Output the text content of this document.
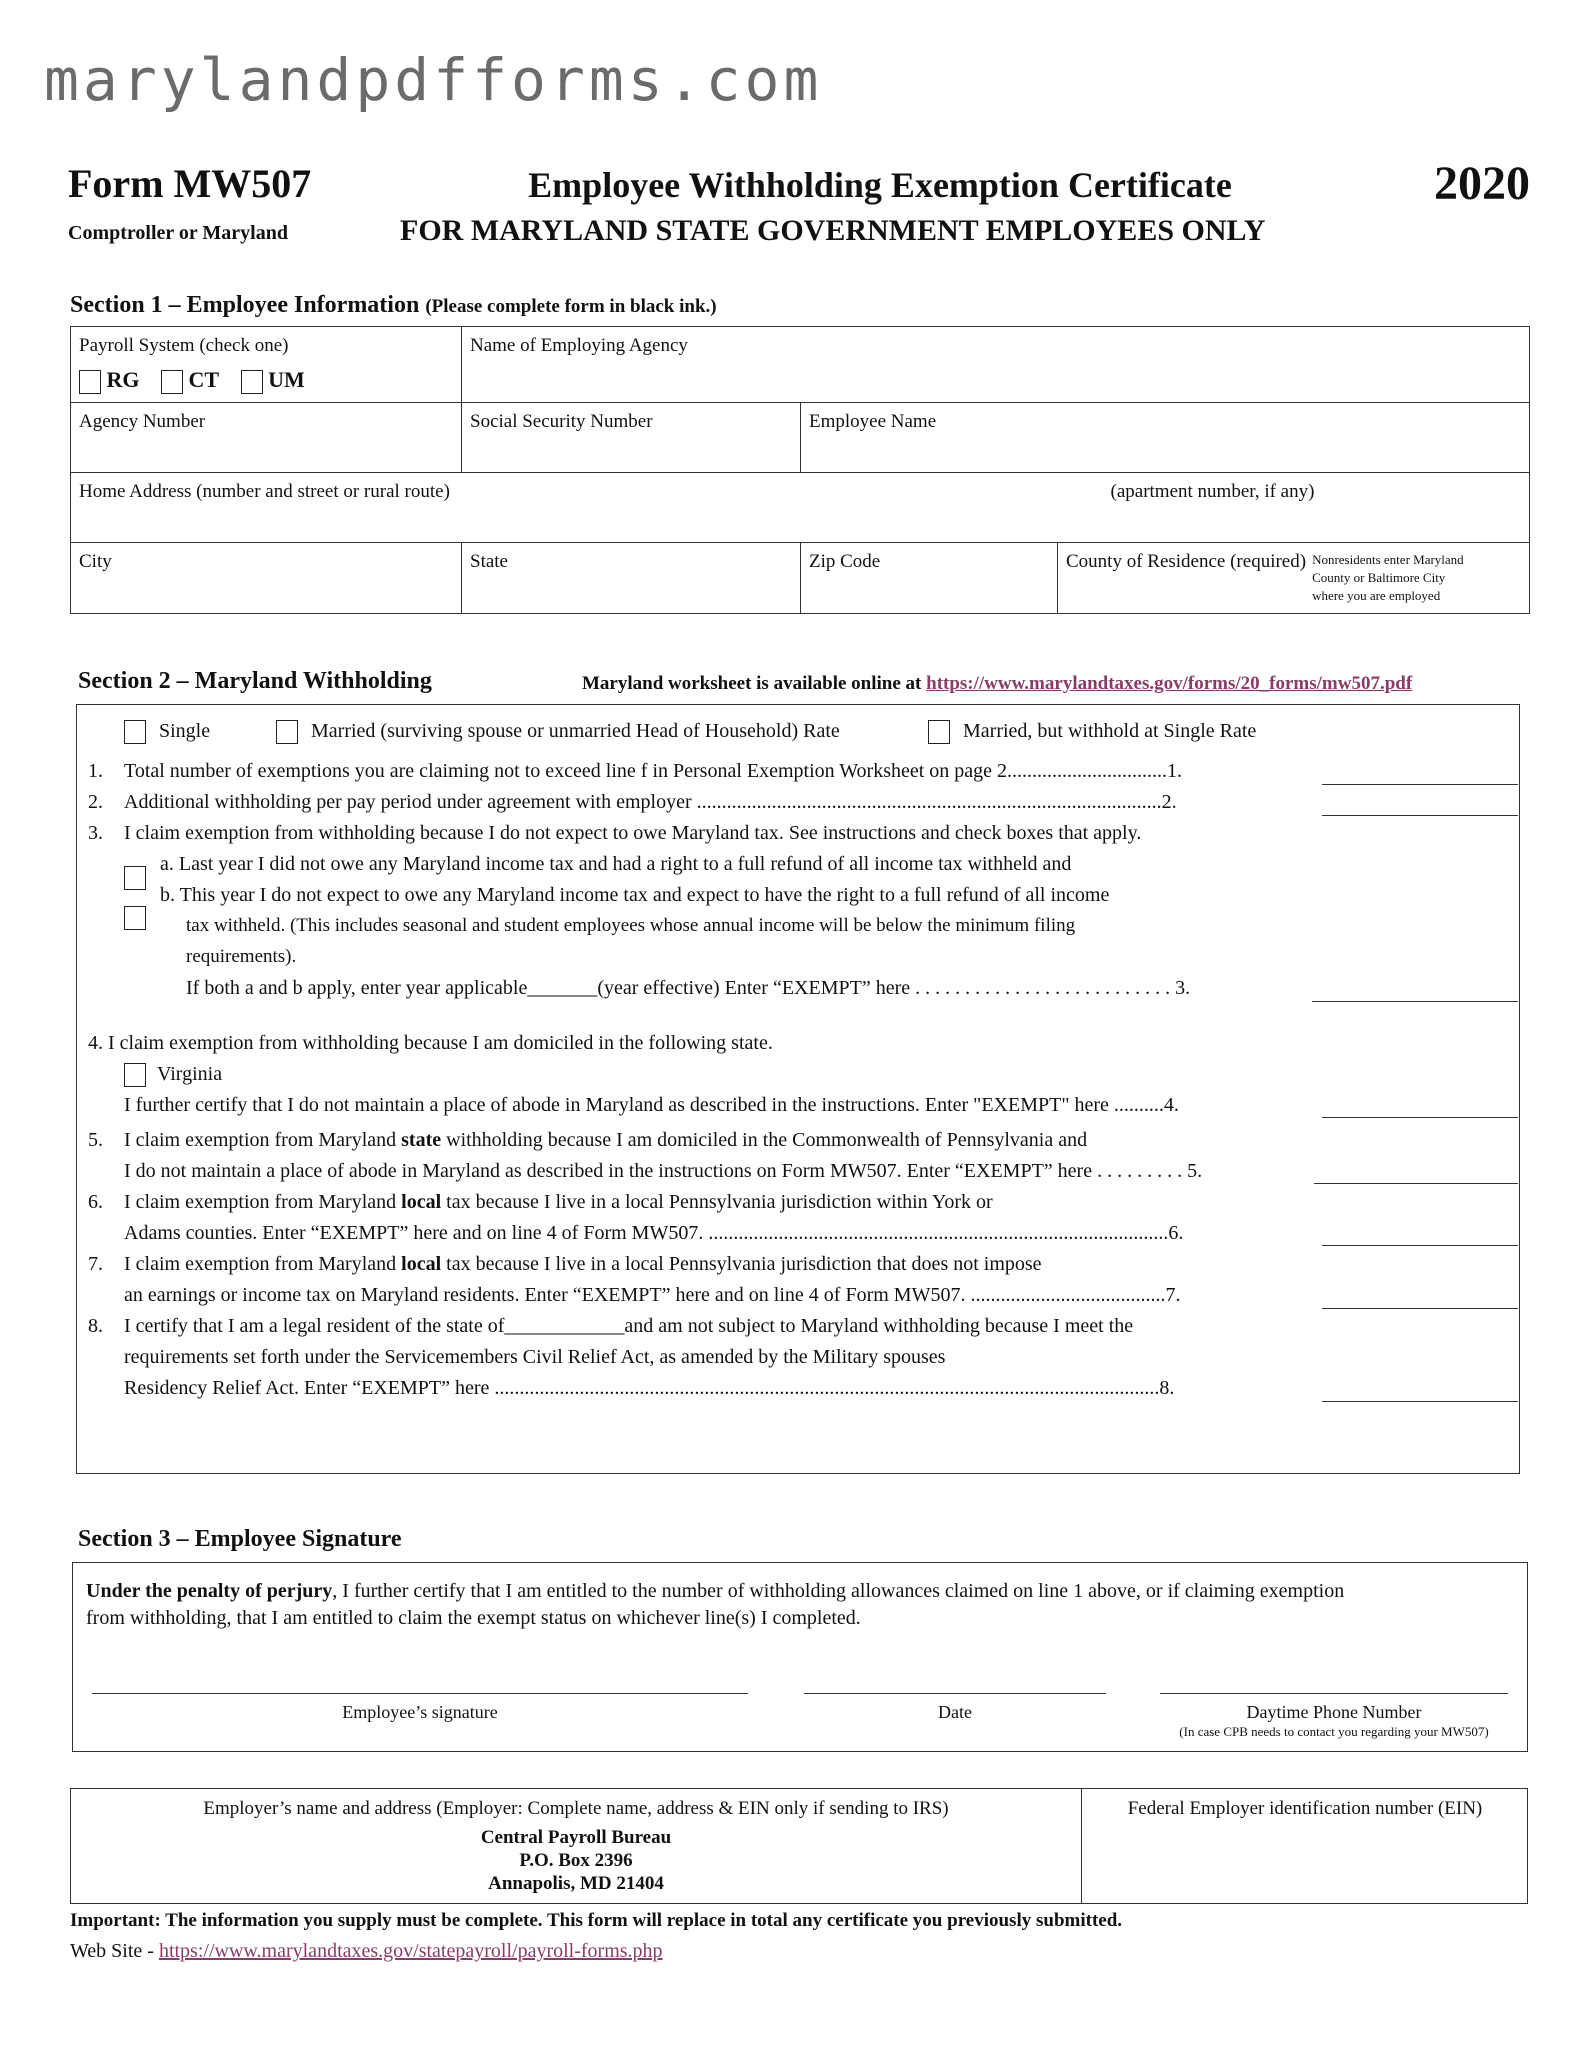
marylandpdfforms.com
Form MW507
Comptroller or Maryland
Employee Withholding Exemption Certificate
FOR MARYLAND STATE GOVERNMENT EMPLOYEES ONLY
2020
Section 1 – Employee Information (Please complete form in black ink.)
Payroll System (check one)
RG CT UM	Name of Employing Agency		
Agency Number	Social Security Number	Employee Name	
Home Address (number and street or rural route) (apartment number, if any)			

City	State	Zip Code	County of Residence (required) Nonresidents enter Maryland
County or Baltimore City
where you are employed
Section 2 – Maryland Withholding	Maryland worksheet is available online at https://www.marylandtaxes.gov/forms/20_forms/mw507.pdf
Single	Married (surviving spouse or unmarried Head of Household) Rate	Married, but withhold at Single Rate
1. Total number of exemptions you are claiming not to exceed line f in Personal Exemption Worksheet on page 2................................1.
2. Additional withholding per pay period under agreement with employer .............................................................................................2.
3. I claim exemption from withholding because I do not expect to owe Maryland tax. See instructions and check boxes that apply.
a. Last year I did not owe any Maryland income tax and had a right to a full refund of all income tax withheld and
b. This year I do not expect to owe any Maryland income tax and expect to have the right to a full refund of all income
tax withheld. (This includes seasonal and student employees whose annual income will be below the minimum filing
requirements).
If both a and b apply, enter year applicable_______(year effective) Enter “EXEMPT” here . . . . . . . . . . . . . . . . . . . . . . . . . . 3.
4. I claim exemption from withholding because I am domiciled in the following state.
Virginia
I further certify that I do not maintain a place of abode in Maryland as described in the instructions. Enter "EXEMPT" here ..........4.
5. I claim exemption from Maryland state withholding because I am domiciled in the Commonwealth of Pennsylvania and
I do not maintain a place of abode in Maryland as described in the instructions on Form MW507. Enter “EXEMPT” here . . . . . . . . . 5.
6. I claim exemption from Maryland local tax because I live in a local Pennsylvania jurisdiction within York or
Adams counties. Enter “EXEMPT” here and on line 4 of Form MW507. ............................................................................................6.
7. I claim exemption from Maryland local tax because I live in a local Pennsylvania jurisdiction that does not impose
an earnings or income tax on Maryland residents. Enter “EXEMPT” here and on line 4 of Form MW507. .......................................7.
8. I certify that I am a legal resident of the state of____________and am not subject to Maryland withholding because I meet the
requirements set forth under the Servicemembers Civil Relief Act, as amended by the Military spouses
Residency Relief Act. Enter “EXEMPT” here .....................................................................................................................................8.
Section 3 – Employee Signature
Under the penalty of perjury, I further certify that I am entitled to the number of withholding allowances claimed on line 1 above, or if claiming exemption
from withholding, that I am entitled to claim the exempt status on whichever line(s) I completed.
Employee’s signature	Date	Daytime Phone Number
(In case CPB needs to contact you regarding your MW507)
Employer’s name and address (Employer: Complete name, address & EIN only if sending to IRS)
Central Payroll Bureau
P.O. Box 2396
Annapolis, MD 21404
Federal Employer identification number (EIN)
Important: The information you supply must be complete. This form will replace in total any certificate you previously submitted.
Web Site - https://www.marylandtaxes.gov/statepayroll/payroll-forms.php
